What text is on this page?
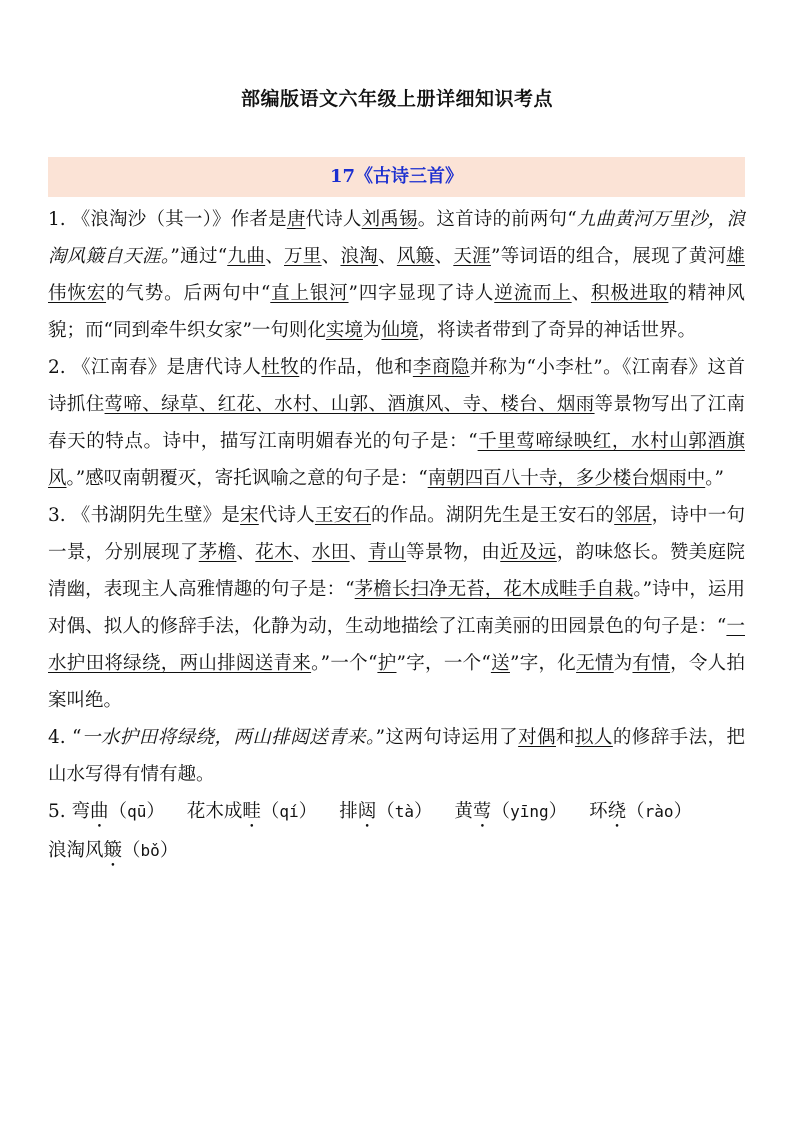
部编版语文六年级上册详细知识考点
17《古诗三首》

1. 《浪淘沙（其一）》作者是唐代诗人刘禹锡。这首诗的前两句“九曲黄河万里沙，浪淘风簸自天涯。”通过“九曲、万里、浪淘、风簸、天涯”等词语的组合，展现了黄河雄伟恢宏的气势。后两句中“直上银河”四字显现了诗人逆流而上、积极进取的精神风貌；而“同到牵牛织女家”一句则化实境为仙境，将读者带到了奇异的神话世界。

2. 《江南春》是唐代诗人杜牧的作品，他和李商隐并称为“小李杜”。《江南春》这首诗抓住莺啼、绿草、红花、水村、山郭、酒旗风、寺、楼台、烟雨等景物写出了江南春天的特点。诗中，描写江南明媚春光的句子是：“千里莺啼绿映红，水村山郭酒旗风。”感叹南朝覆灭，寄托讽喻之意的句子是：“南朝四百八十寺，多少楼台烟雨中。”

3. 《书湖阴先生壁》是宋代诗人王安石的作品。湖阴先生是王安石的邻居，诗中一句一景，分别展现了茅檐、花木、水田、青山等景物，由近及远，韵味悠长。赞美庭院清幽，表现主人高雅情趣的句子是：“茅檐长扫净无苔，花木成畦手自栽。”诗中，运用对偶、拟人的修辞手法，化静为动，生动地描绘了江南美丽的田园景色的句子是：“一水护田将绿绕，两山排闼送青来。”一个“护”字，一个“送”字，化无情为有情，令人拍案叫绝。

4. “一水护田将绿绕，两山排闼送青来。”这两句诗运用了对偶和拟人的修辞手法，把山水写得有情有趣。

5. 弯曲（qū） 花木成畦（qí） 排闼（tà） 黄莺（yīng） 环绕（rào）
浪淘风簸（bǒ）
